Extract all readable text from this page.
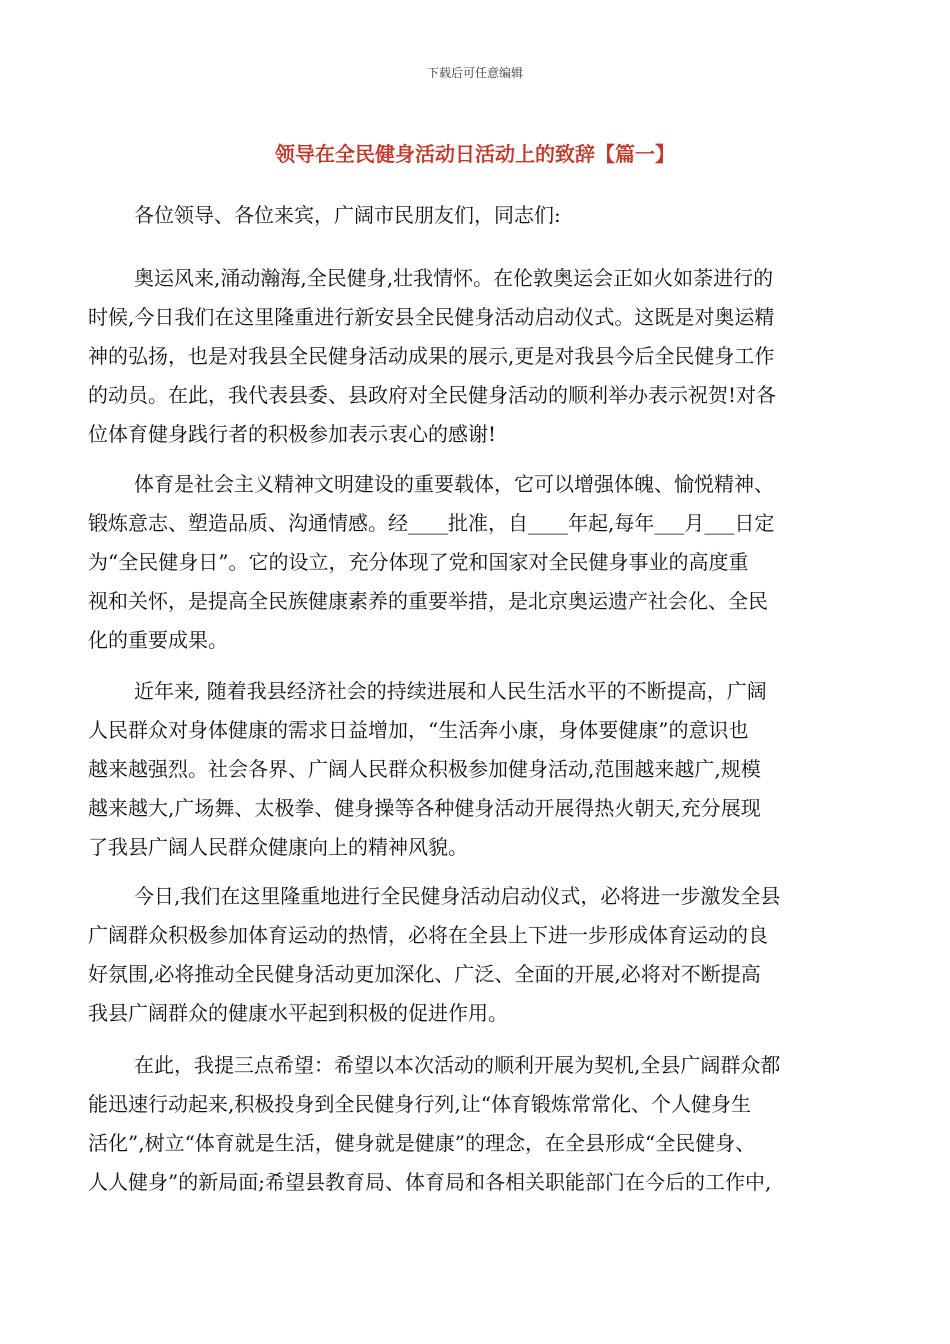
下载后可任意编辑
领导在全民健身活动日活动上的致辞【篇一】

各位领导、各位来宾，广阔市民朋友们，同志们:

奥运风来,涌动瀚海,全民健身,壮我情怀。在伦敦奥运会正如火如荼进行的
时候,今日我们在这里隆重进行新安县全民健身活动启动仪式。这既是对奥运精
神的弘扬，也是对我县全民健身活动成果的展示,更是对我县今后全民健身工作
的动员。在此，我代表县委、县政府对全民健身活动的顺利举办表示祝贺!对各
位体育健身践行者的积极参加表示衷心的感谢!

体育是社会主义精神文明建设的重要载体，它可以增强体魄、愉悦精神、
锻炼意志、塑造品质、沟通情感。经____批准，自____年起,每年___月___日定
为“全民健身日”。它的设立，充分体现了党和国家对全民健身事业的高度重
视和关怀，是提高全民族健康素养的重要举措，是北京奥运遗产社会化、全民
化的重要成果。

近年来, 随着我县经济社会的持续进展和人民生活水平的不断提高，广阔
人民群众对身体健康的需求日益增加，“生活奔小康，身体要健康”的意识也
越来越强烈。社会各界、广阔人民群众积极参加健身活动,范围越来越广,规模
越来越大,广场舞、太极拳、健身操等各种健身活动开展得热火朝天,充分展现
了我县广阔人民群众健康向上的精神风貌。

今日,我们在这里隆重地进行全民健身活动启动仪式，必将进一步激发全县
广阔群众积极参加体育运动的热情，必将在全县上下进一步形成体育运动的良
好氛围,必将推动全民健身活动更加深化、广泛、全面的开展,必将对不断提高
我县广阔群众的健康水平起到积极的促进作用。

在此，我提三点希望：希望以本次活动的顺利开展为契机,全县广阔群众都
能迅速行动起来,积极投身到全民健身行列,让“体育锻炼常常化、个人健身生
活化”,树立“体育就是生活，健身就是健康”的理念，在全县形成“全民健身、
人人健身”的新局面;希望县教育局、体育局和各相关职能部门在今后的工作中,
